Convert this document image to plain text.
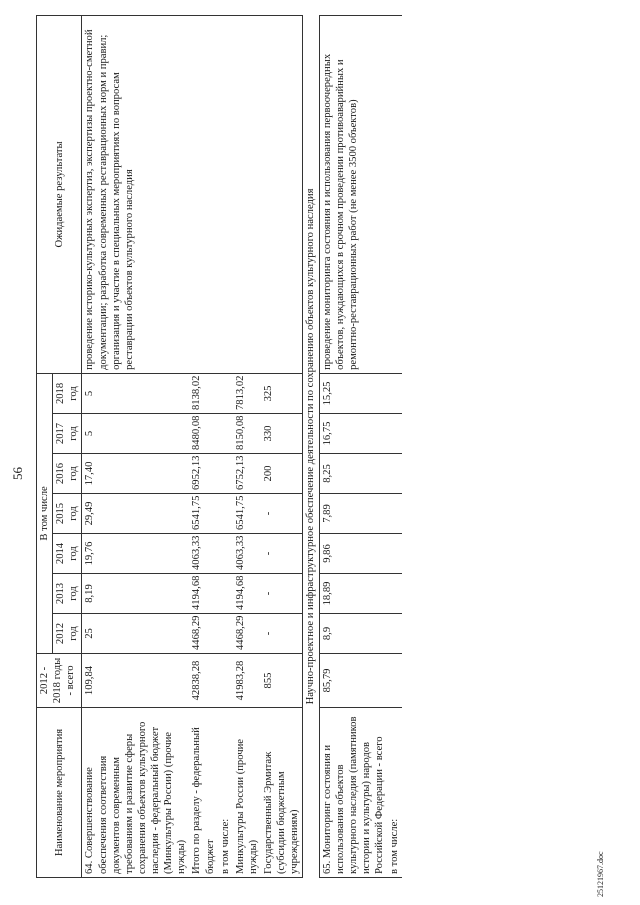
56
Наименование мероприятия	2012 - 2018 годы - всего	В том числе							Ожидаемые результаты
		2012 год	2013 год	2014 год	2015 год	2016 год	2017 год	2018 год	
64. Совершенствование обеспечения соответствия документов современным требованиям и развитие сферы сохранения объектов культурного наследия - федеральный бюджет (Минкультуры России) (прочие нужды)	109,84	25	8,19	19,76	29,49	17,40	5	5	проведение историко-культурных экспертиз, экспертизы проектно-сметной документации; разработка современных реставрационных норм и правил; организация и участие в специальных мероприятиях по вопросам реставрации объектов культурного наследия
Итого по разделу - федеральный бюджет	42838,28	4468,29	4194,68	4063,33	6541,75	6952,13	8480,08	8138,02	
в том числе:									
Минкультуры России (прочие нужды)	41983,28	4468,29	4194,68	4063,33	6541,75	6752,13	8150,08	7813,02	
Государственный Эрмитаж (субсидии бюджетным учреждениям)	855	-	-	-	-	200	330	325	
Научно-проектное и инфраструктурное обеспечение деятельности по сохранению объектов культурного наследия									
65. Мониторинг состояния и использования объектов культурного наследия (памятников истории и культуры) народов Российской Федерации - всего	85,79	8,9	18,89	9,86	7,89	8,25	16,75	15,25	проведение мониторинга состояния и использования первоочередных объектов, нуждающихся в срочном проведении противоаварийных и ремонтно-реставрационных работ (не менее 3500 объектов)
в том числе:									
25121967.doc
